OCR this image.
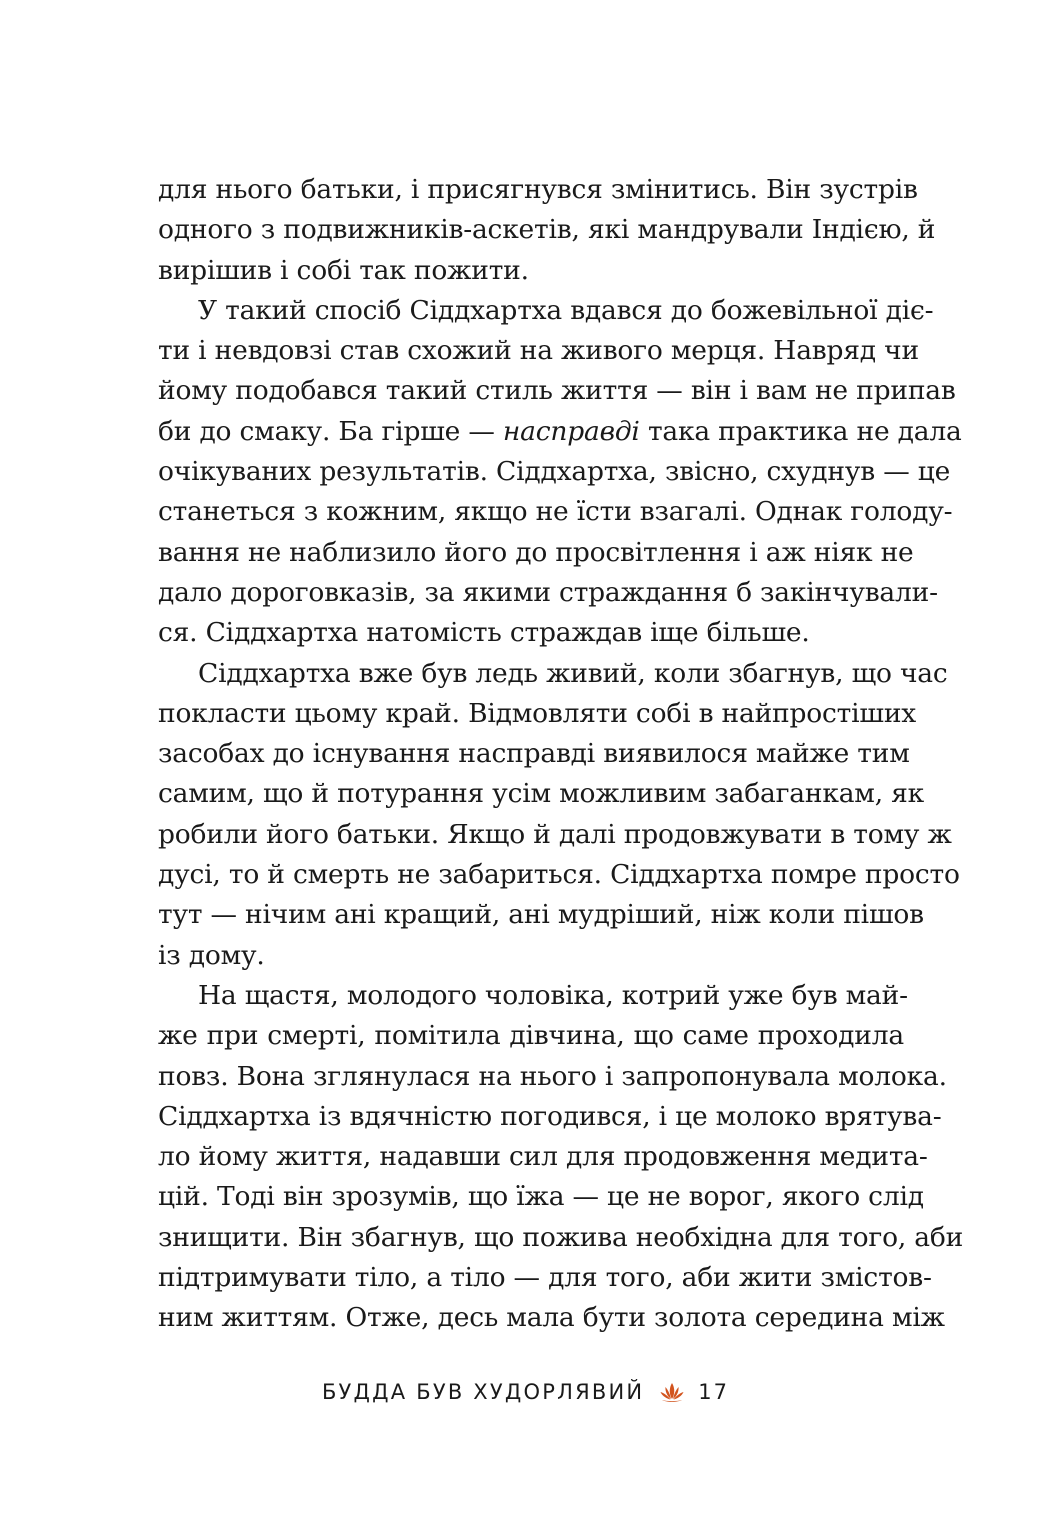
для нього батьки, і присягнувся змінитись. Він зустрів
одного з подвижників-аскетів, які мандрували Індією, й
вирішив і собі так пожити.
У такий спосіб Сіддхартха вдався до божевільної діє-
ти і невдовзі став схожий на живого мерця. Навряд чи
йому подобався такий стиль життя — він і вам не припав
би до смаку. Ба гірше — насправді така практика не дала
очікуваних результатів. Сіддхартха, звісно, схуднув — це
станеться з кожним, якщо не їсти взагалі. Однак голоду-
вання не наблизило його до просвітлення і аж ніяк не
дало дороговказів, за якими страждання б закінчували-
ся. Сіддхартха натомість страждав іще більше.
Сіддхартха вже був ледь живий, коли збагнув, що час
покласти цьому край. Відмовляти собі в найпростіших
засобах до існування насправді виявилося майже тим
самим, що й потурання усім можливим забаганкам, як
робили його батьки. Якщо й далі продовжувати в тому ж
дусі, то й смерть не забариться. Сіддхартха помре просто
тут — нічим ані кращий, ані мудріший, ніж коли пішов
із дому.
На щастя, молодого чоловіка, котрий уже був май-
же при смерті, помітила дівчина, що саме проходила
повз. Вона зглянулася на нього і запропонувала молока.
Сіддхартха із вдячністю погодився, і це молоко врятува-
ло йому життя, надавши сил для продовження медита-
цій. Тоді він зрозумів, що їжа — це не ворог, якого слід
знищити. Він збагнув, що пожива необхідна для того, аби
підтримувати тіло, а тіло — для того, аби жити змістов-
ним життям. Отже, десь мала бути золота середина між
БУДДА БУВ ХУДОРЛЯВИЙ	17
